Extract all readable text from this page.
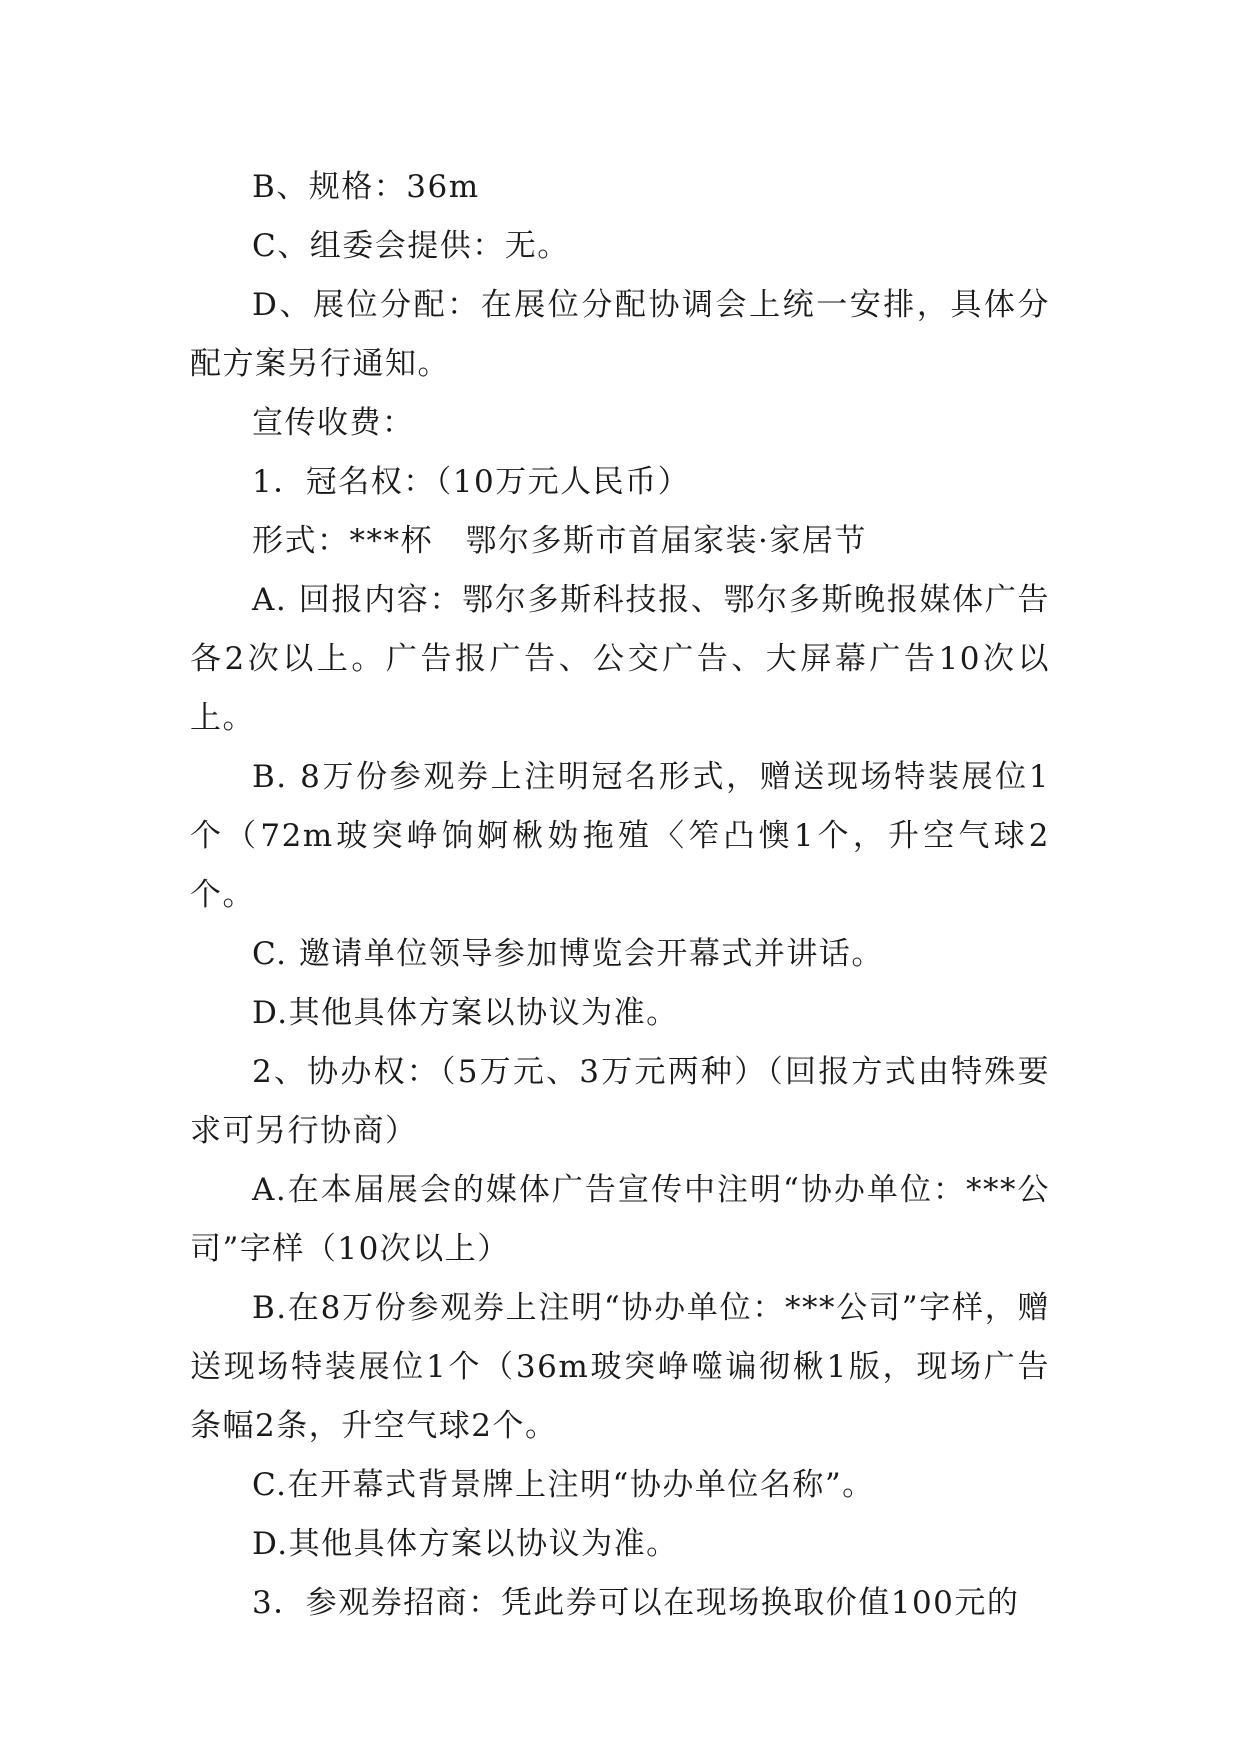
B、规格：36m

C、组委会提供：无。

D、展位分配：在展位分配协调会上统一安排，具体分配方案另行通知。

宣传收费：

1．冠名权：（10万元人民币）

形式：***杯　鄂尔多斯市首届家装·家居节

A. 回报内容：鄂尔多斯科技报、鄂尔多斯晚报媒体广告各2次以上。广告报广告、公交广告、大屏幕广告10次以上。

B. 8万份参观券上注明冠名形式，赠送现场特装展位1个（72m玻突峥饷婀楸妫拖殖〈笮凸懊1个，升空气球2个。

C. 邀请单位领导参加博览会开幕式并讲话。

D.其他具体方案以协议为准。

2、协办权：（5万元、3万元两种）（回报方式由特殊要求可另行协商）

A.在本届展会的媒体广告宣传中注明“协办单位：***公司”字样（10次以上）

B.在8万份参观券上注明“协办单位：***公司”字样，赠送现场特装展位1个（36m玻突峥噬谝彻楸1版，现场广告条幅2条，升空气球2个。

C.在开幕式背景牌上注明“协办单位名称”。

D.其他具体方案以协议为准。

3．参观券招商：凭此券可以在现场换取价值100元的
